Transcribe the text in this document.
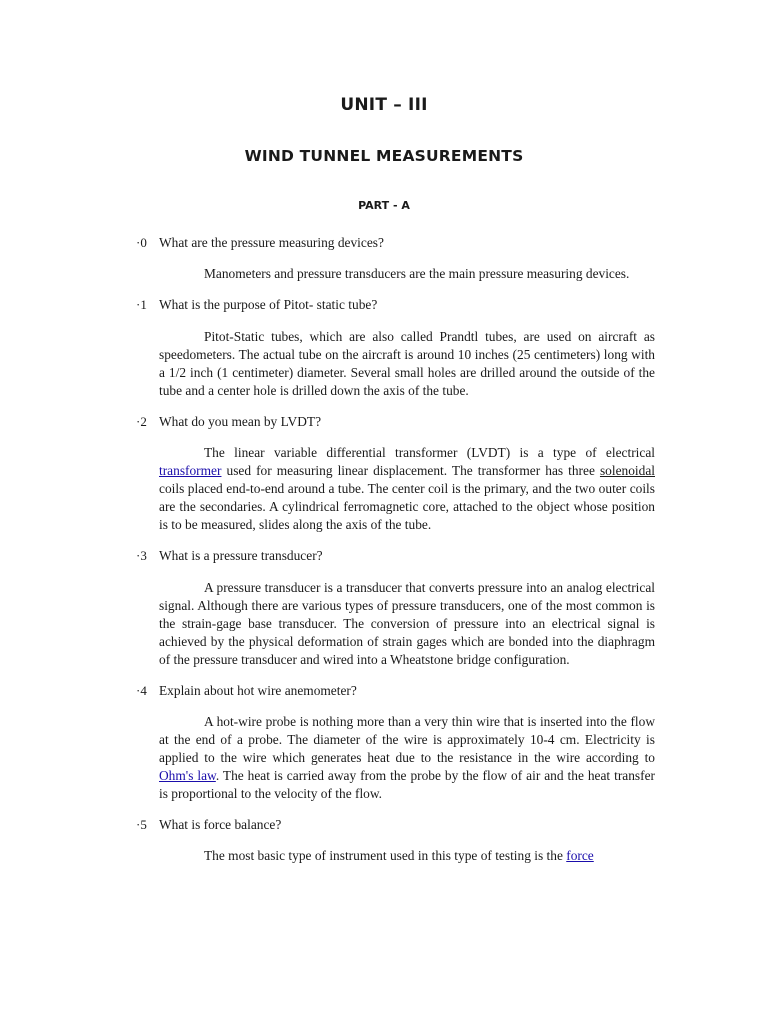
UNIT – III
WIND TUNNEL MEASUREMENTS
PART - A
·0 What are the pressure measuring devices?

Manometers and pressure transducers are the main pressure measuring devices.

·1 What is the purpose of Pitot- static tube?

Pitot-Static tubes, which are also called Prandtl tubes, are used on aircraft as speedometers. The actual tube on the aircraft is around 10 inches (25 centimeters) long with a 1/2 inch (1 centimeter) diameter. Several small holes are drilled around the outside of the tube and a center hole is drilled down the axis of the tube.

·2 What do you mean by LVDT?

The linear variable differential transformer (LVDT) is a type of electrical transformer used for measuring linear displacement. The transformer has three solenoidal coils placed end-to-end around a tube. The center coil is the primary, and the two outer coils are the secondaries. A cylindrical ferromagnetic core, attached to the object whose position is to be measured, slides along the axis of the tube.

·3 What is a pressure transducer?

A pressure transducer is a transducer that converts pressure into an analog electrical signal. Although there are various types of pressure transducers, one of the most common is the strain-gage base transducer. The conversion of pressure into an electrical signal is achieved by the physical deformation of strain gages which are bonded into the diaphragm of the pressure transducer and wired into a Wheatstone bridge configuration.

·4 Explain about hot wire anemometer?

A hot-wire probe is nothing more than a very thin wire that is inserted into the flow at the end of a probe. The diameter of the wire is approximately 10-4 cm. Electricity is applied to the wire which generates heat due to the resistance in the wire according to Ohm's law. The heat is carried away from the probe by the flow of air and the heat transfer is proportional to the velocity of the flow.

·5 What is force balance?

The most basic type of instrument used in this type of testing is the force
